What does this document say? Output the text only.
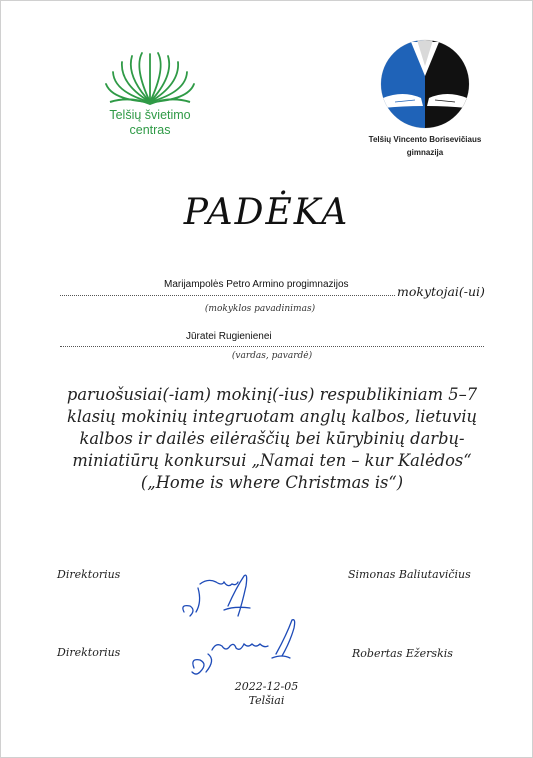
Telšių švietimo
centras
Telšių Vincento Borisevičiaus
gimnazija
PADĖKA
Marijampolės Petro Armino progimnazijos	mokytojai(-ui)
(mokyklos pavadinimas)
Jūratei Rugienienei
(vardas, pavardė)
paruošusiai(-iam) mokinį(-ius) respublikiniam 5–7
klasių mokinių integruotam anglų kalbos, lietuvių
kalbos ir dailės eilėraščių bei kūrybinių darbų-
miniatiūrų konkursui „Namai ten – kur Kalėdos“
(„Home is where Christmas is“)
Direktorius	Simonas Baliutavičius
Direktorius	Robertas Ežerskis
2022-12-05
Telšiai
